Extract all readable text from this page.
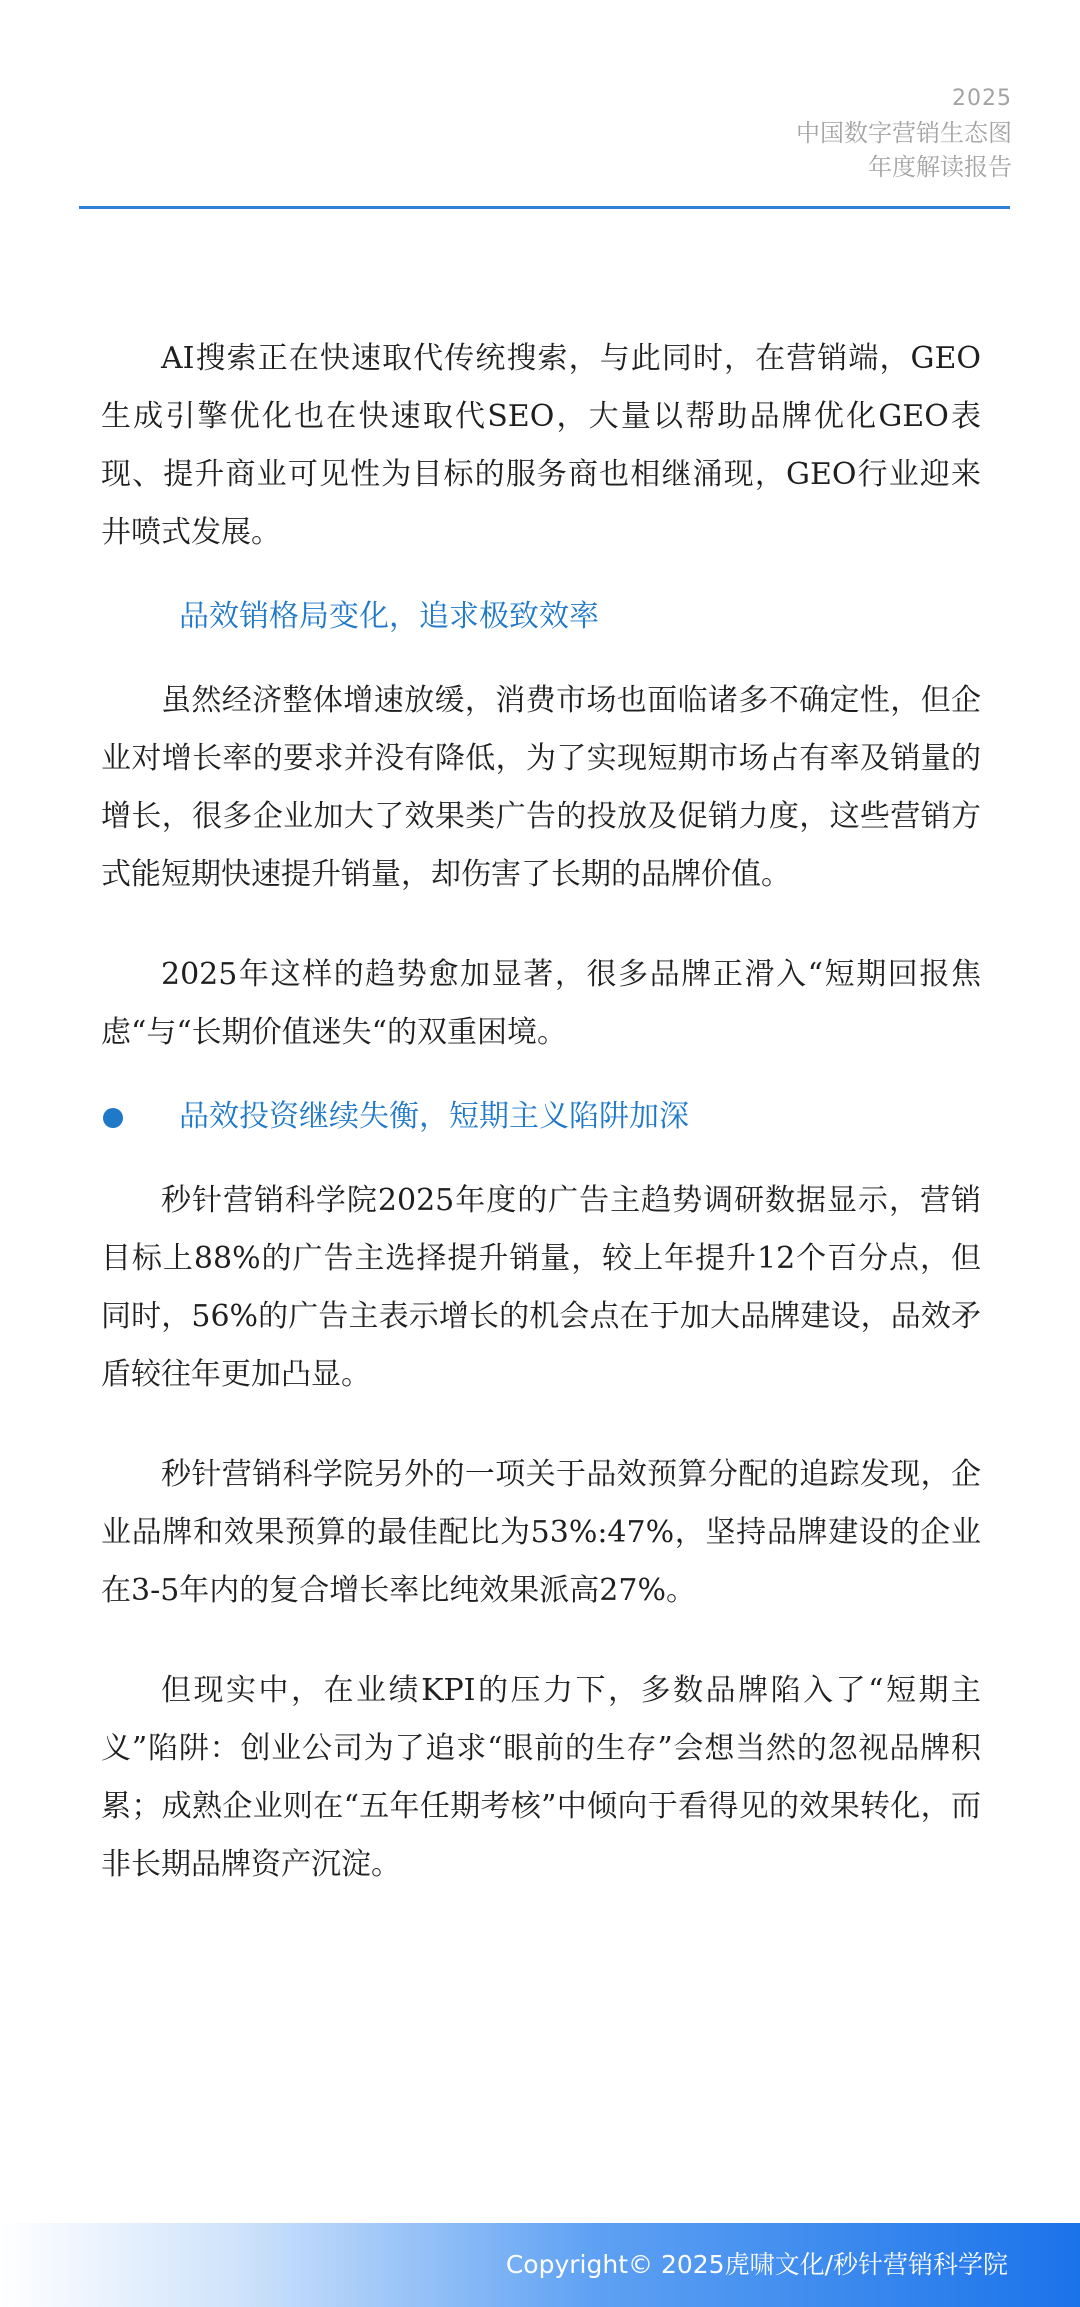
2025
中国数字营销生态图
年度解读报告

AI搜索正在快速取代传统搜索，与此同时，在营销端，GEO生成引擎优化也在快速取代SEO，大量以帮助品牌优化GEO表现、提升商业可见性为目标的服务商也相继涌现，GEO行业迎来井喷式发展。

品效销格局变化，追求极致效率

虽然经济整体增速放缓，消费市场也面临诸多不确定性，但企业对增长率的要求并没有降低，为了实现短期市场占有率及销量的增长，很多企业加大了效果类广告的投放及促销力度，这些营销方式能短期快速提升销量，却伤害了长期的品牌价值。

2025年这样的趋势愈加显著，很多品牌正滑入“短期回报焦虑“与“长期价值迷失“的双重困境。

品效投资继续失衡，短期主义陷阱加深

秒针营销科学院2025年度的广告主趋势调研数据显示，营销目标上88%的广告主选择提升销量，较上年提升12个百分点，但同时，56%的广告主表示增长的机会点在于加大品牌建设，品效矛盾较往年更加凸显。

秒针营销科学院另外的一项关于品效预算分配的追踪发现，企业品牌和效果预算的最佳配比为53%:47%，坚持品牌建设的企业在3-5年内的复合增长率比纯效果派高27%。

但现实中，在业绩KPI的压力下，多数品牌陷入了“短期主义”陷阱：创业公司为了追求“眼前的生存”会想当然的忽视品牌积累；成熟企业则在“五年任期考核”中倾向于看得见的效果转化，而非长期品牌资产沉淀。

Copyright© 2025虎啸文化/秒针营销科学院
